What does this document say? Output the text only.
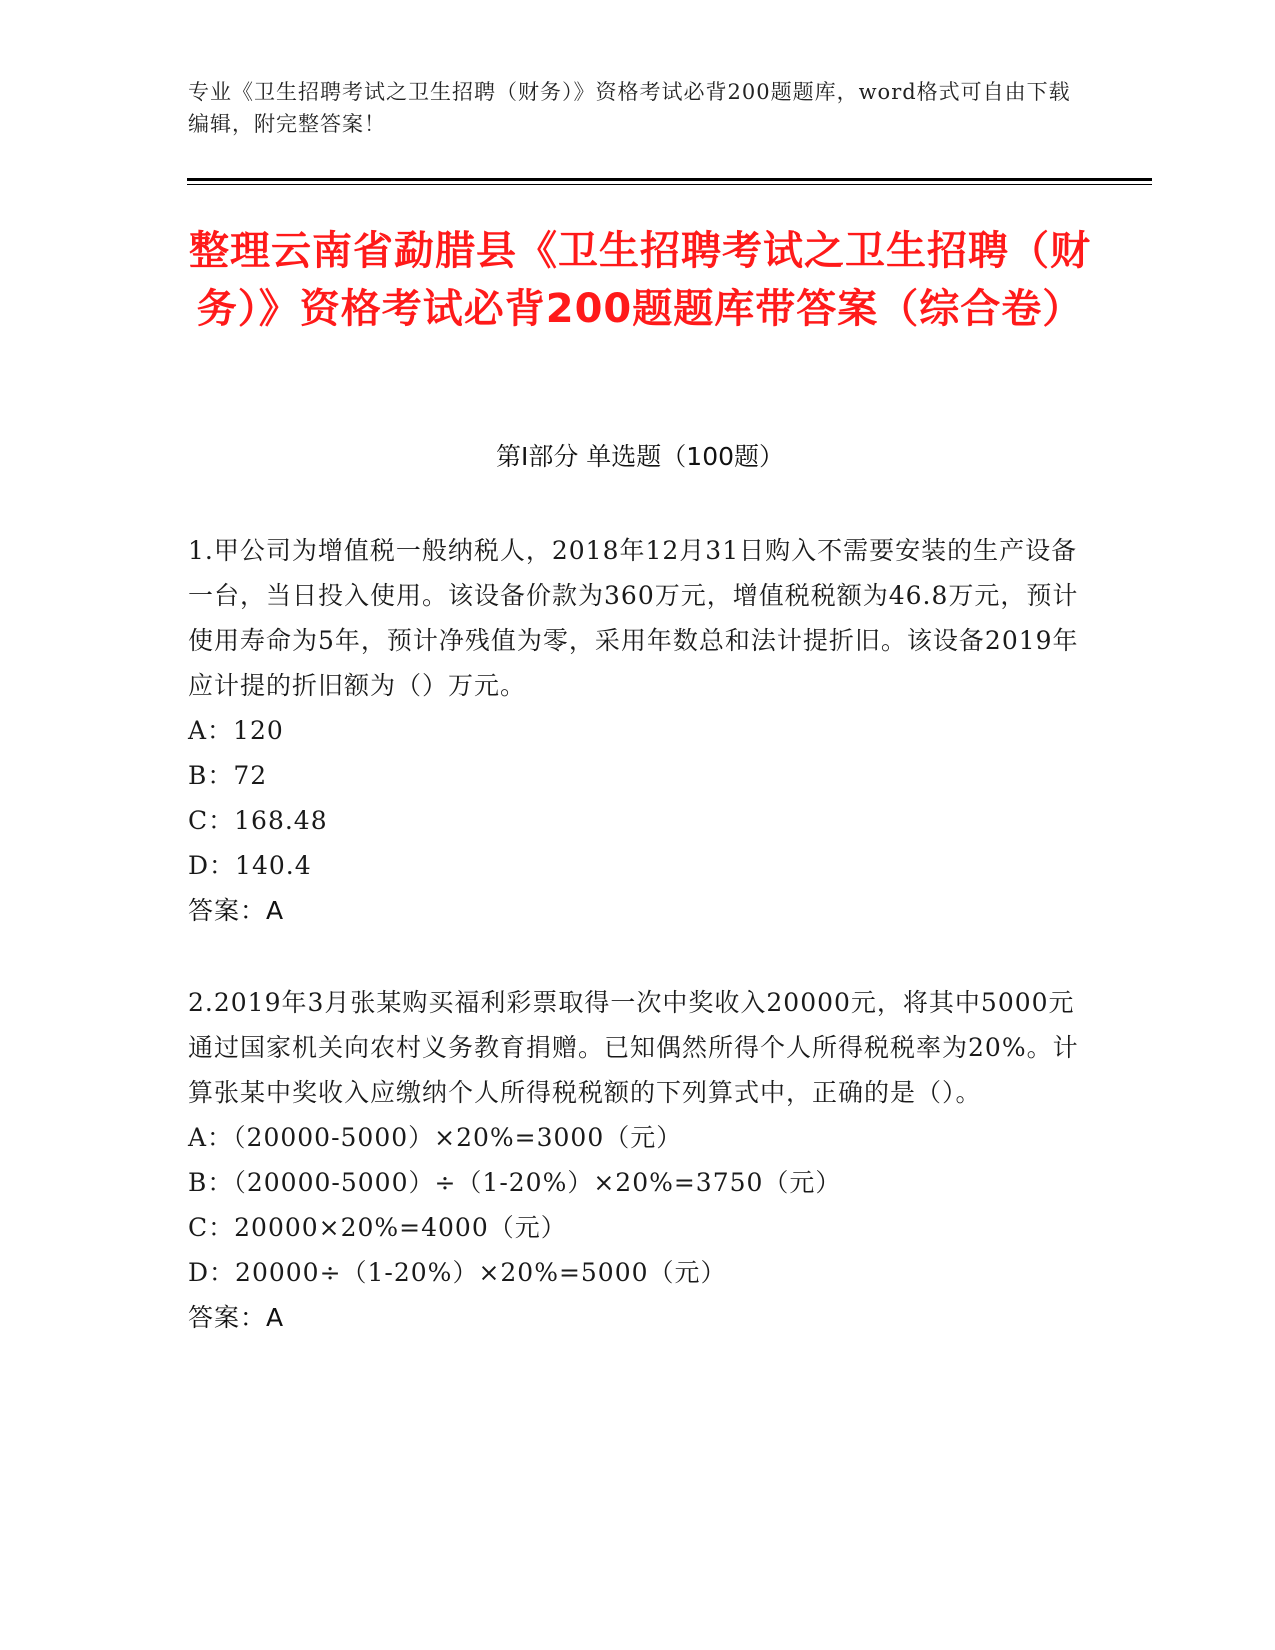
专业《卫生招聘考试之卫生招聘（财务）》资格考试必背200题题库，word格式可自由下载编辑，附完整答案！
整理云南省勐腊县《卫生招聘考试之卫生招聘（财务）》资格考试必背200题题库带答案（综合卷）
第I部分 单选题（100题）
1.甲公司为增值税一般纳税人，2018年12月31日购入不需要安装的生产设备一台，当日投入使用。该设备价款为360万元，增值税税额为46.8万元，预计使用寿命为5年，预计净残值为零，采用年数总和法计提折旧。该设备2019年应计提的折旧额为（）万元。
A：120
B：72
C：168.48
D：140.4
答案：A
2.2019年3月张某购买福利彩票取得一次中奖收入20000元，将其中5000元通过国家机关向农村义务教育捐赠。已知偶然所得个人所得税税率为20%。计算张某中奖收入应缴纳个人所得税税额的下列算式中，正确的是（）。
A：（20000-5000）×20%=3000（元）
B：（20000-5000）÷（1-20%）×20%=3750（元）
C：20000×20%=4000（元）
D：20000÷（1-20%）×20%=5000（元）
答案：A
